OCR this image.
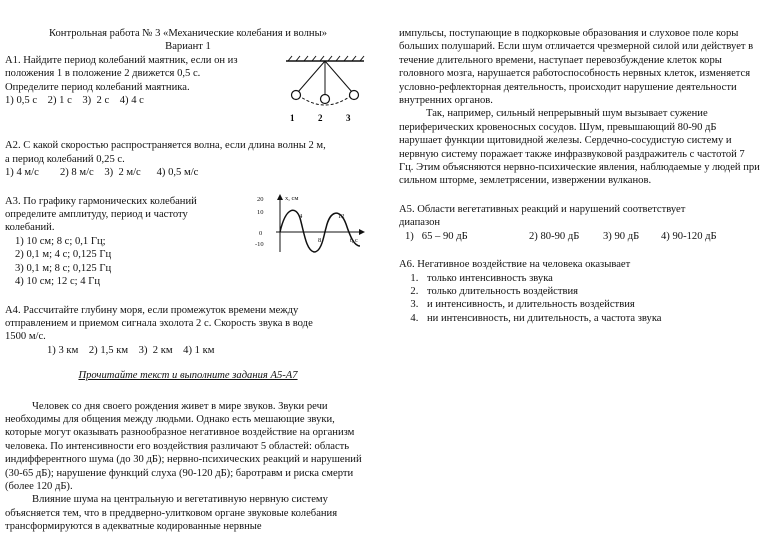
Контрольная работа № 3 «Механические колебания и волны»

Вариант 1

А1. Найдите период колебаний маятник, если он из

положения 1 в положение 2 движется 0,5 с.

Определите период колебаний маятника.

1) 0,5 с    2) 1 с    3)  2 с    4) 4 с

А2. С какой скоростью распространяется волна, если длина волны 2 м,

а период колебаний 0,25 с.

1) 4 м/с        2) 8 м/с    3)  2 м/с      4) 0,5 м/с

А3. По графику гармонических колебаний

определите амплитуду, период и частоту

колебаний.

1) 10 см; 8 с; 0,1 Гц;

2) 0,1 м; 4 с; 0,125 Гц

3) 0,1 м; 8 с; 0,125 Гц

4) 10 см; 12 с; 4 Гц

А4. Рассчитайте глубину моря, если промежуток времени между

отправлением и приемом сигнала эхолота 2 с. Скорость звука в воде

1500 м/с.

1) 3 км    2) 1,5 км    3)  2 км    4) 1 км

Прочитайте текст и выполните задания А5-А7

Человек со дня своего рождения живет в мире звуков. Звуки речи необходимы для общения между людьми. Однако есть мешающие звуки, которые могут оказывать разнообразное негативное воздействие на организм человека. По интенсивности его воздействия различают 5 областей: область индифферентного шума (до 30 дБ); нервно-психических реакций и нарушений (30-65 дБ); нарушение функций слуха (90-120 дБ); баротравм и риска смерти (более 120 дБ).

Влияние шума на центральную и вегетативную нервную систему объясняется тем, что в преддверно-улитковом органе звуковые колебания трансформируются в адекватные кодированные нервные

1	2	3
20
10
0
-10
х, см
t, с
4	12
8

импульсы, поступающие в подкорковые образования и слуховое поле коры больших полушарий. Если шум отличается чрезмерной силой или действует в течение длительного времени, наступает перевозбуждение клеток коры головного мозга, нарушается работоспособность нервных клеток, изменяется условно-рефлекторная деятельность, происходит нарушение деятельности внутренних органов.

Так, например, сильный непрерывный шум вызывает сужение периферических кровеносных сосудов. Шум, превышающий 80-90 дБ нарушает функции щитовидной железы. Сердечно-сосудистую систему и нервную систему поражает также инфразвуковой раздражитель с частотой 7 Гц. Этим объясняются нервно-психические явления, наблюдаемые у людей при сильном шторме, землетрясении, извержении вулканов.

А5. Области вегетативных реакций и нарушений соответствует

диапазон

1)   65 – 90 дБ	2) 80-90 дБ	3) 90 дБ	4) 90-120 дБ

А6. Негативное воздействие на человека оказывает

1. только интенсивность звука
2. только длительность воздействия
3. и интенсивность, и длительность воздействия
4. ни интенсивность, ни длительность, а частота звука
